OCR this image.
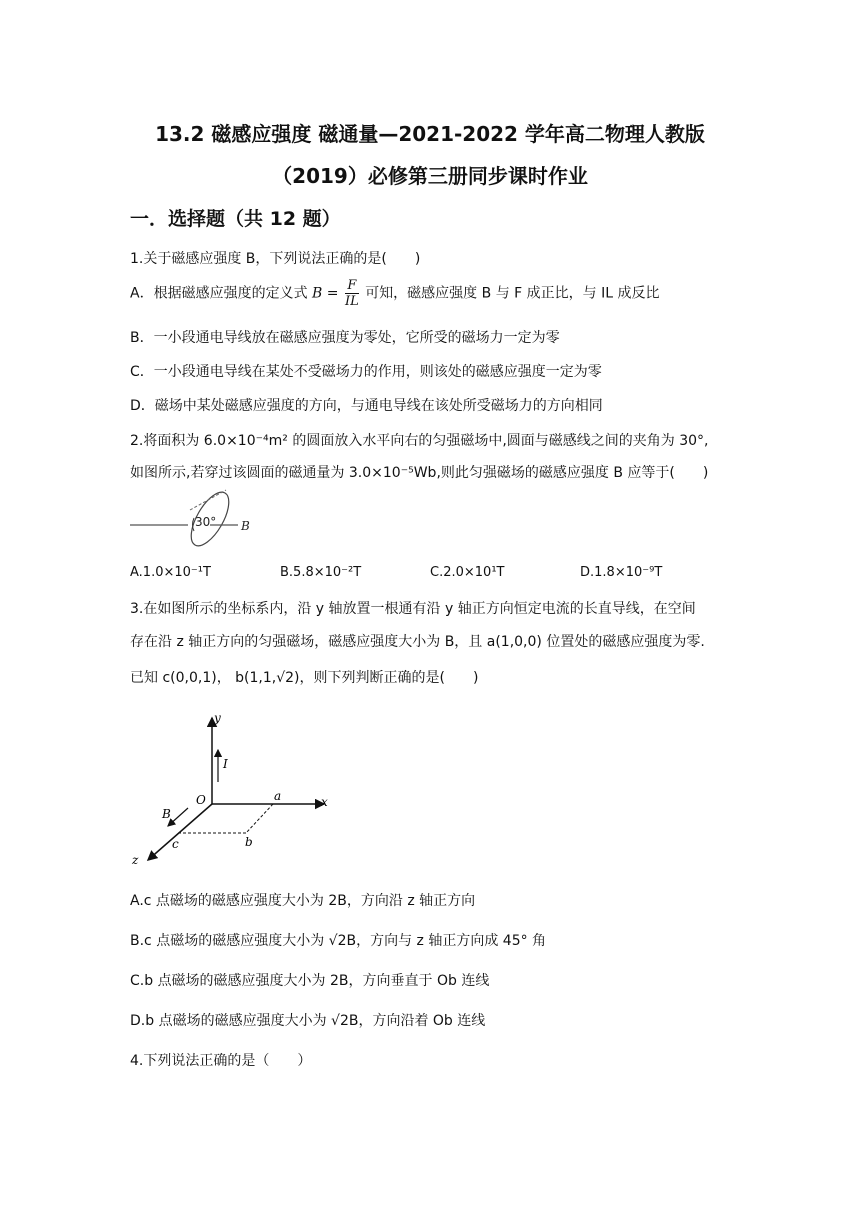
13.2 磁感应强度 磁通量—2021-2022 学年高二物理人教版
（2019）必修第三册同步课时作业
一．选择题（共 12 题）
1.关于磁感应强度 B，下列说法正确的是(　　)
A．根据磁感应强度的定义式 $B = \frac{F}{IL}$ 可知，磁感应强度 B 与 F 成正比，与 IL 成反比
B．一小段通电导线放在磁感应强度为零处，它所受的磁场力一定为零
C．一小段通电导线在某处不受磁场力的作用，则该处的磁感应强度一定为零
D．磁场中某处磁感应强度的方向，与通电导线在该处所受磁场力的方向相同
2.将面积为 6.0×10⁻⁴m² 的圆面放入水平向右的匀强磁场中,圆面与磁感线之间的夹角为 30°,
如图所示,若穿过该圆面的磁通量为 3.0×10⁻⁵Wb,则此匀强磁场的磁感应强度 B 应等于(　　)
30° B
A.1.0×10⁻¹T	B.5.8×10⁻²T	C.2.0×10¹T	D.1.8×10⁻⁹T
3.在如图所示的坐标系内，沿 y 轴放置一根通有沿 y 轴正方向恒定电流的长直导线，在空间
存在沿 z 轴正方向的匀强磁场，磁感应强度大小为 B，且 a(1,0,0) 位置处的磁感应强度为零.
已知 c(0,0,1)， b(1,1,√2)，则下列判断正确的是(　　)
y
I
x
z
B
O	a
b
c
A.c 点磁场的磁感应强度大小为 2B，方向沿 z 轴正方向
B.c 点磁场的磁感应强度大小为 √2B，方向与 z 轴正方向成 45° 角
C.b 点磁场的磁感应强度大小为 2B，方向垂直于 Ob 连线
D.b 点磁场的磁感应强度大小为 √2B，方向沿着 Ob 连线
4.下列说法正确的是（　　）
